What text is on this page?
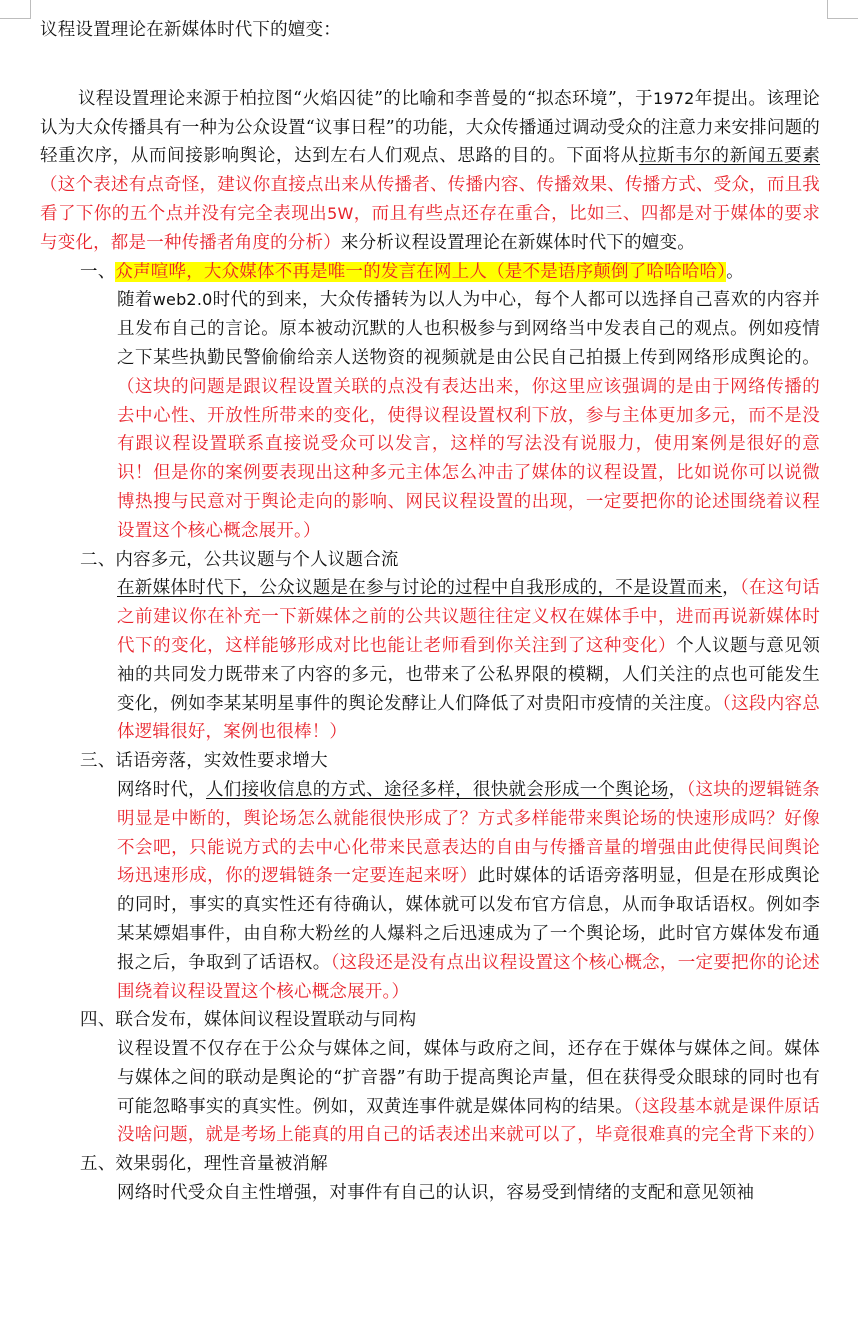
议程设置理论在新媒体时代下的嬗变：

议程设置理论来源于柏拉图“火焰囚徒”的比喻和李普曼的“拟态环境”，于1972年提出。该理论认为大众传播具有一种为公众设置“议事日程”的功能，大众传播通过调动受众的注意力来安排问题的轻重次序，从而间接影响舆论，达到左右人们观点、思路的目的。下面将从拉斯韦尔的新闻五要素（这个表述有点奇怪，建议你直接点出来从传播者、传播内容、传播效果、传播方式、受众，而且我看了下你的五个点并没有完全表现出5W，而且有些点还存在重合，比如三、四都是对于媒体的要求与变化，都是一种传播者角度的分析）来分析议程设置理论在新媒体时代下的嬗变。

一、众声喧哗，大众媒体不再是唯一的发言在网上人（是不是语序颠倒了哈哈哈哈）。

随着web2.0时代的到来，大众传播转为以人为中心，每个人都可以选择自己喜欢的内容并且发布自己的言论。原本被动沉默的人也积极参与到网络当中发表自己的观点。例如疫情之下某些执勤民警偷偷给亲人送物资的视频就是由公民自己拍摄上传到网络形成舆论的。（这块的问题是跟议程设置关联的点没有表达出来，你这里应该强调的是由于网络传播的去中心性、开放性所带来的变化，使得议程设置权利下放，参与主体更加多元，而不是没有跟议程设置联系直接说受众可以发言，这样的写法没有说服力，使用案例是很好的意识！但是你的案例要表现出这种多元主体怎么冲击了媒体的议程设置，比如说你可以说微博热搜与民意对于舆论走向的影响、网民议程设置的出现，一定要把你的论述围绕着议程设置这个核心概念展开。）

二、内容多元，公共议题与个人议题合流

在新媒体时代下，公众议题是在参与讨论的过程中自我形成的，不是设置而来，（在这句话之前建议你在补充一下新媒体之前的公共议题往往定义权在媒体手中，进而再说新媒体时代下的变化，这样能够形成对比也能让老师看到你关注到了这种变化）个人议题与意见领袖的共同发力既带来了内容的多元，也带来了公私界限的模糊，人们关注的点也可能发生变化，例如李某某明星事件的舆论发酵让人们降低了对贵阳市疫情的关注度。（这段内容总体逻辑很好，案例也很棒！）

三、话语旁落，实效性要求增大

网络时代，人们接收信息的方式、途径多样，很快就会形成一个舆论场，（这块的逻辑链条明显是中断的，舆论场怎么就能很快形成了？方式多样能带来舆论场的快速形成吗？好像不会吧，只能说方式的去中心化带来民意表达的自由与传播音量的增强由此使得民间舆论场迅速形成，你的逻辑链条一定要连起来呀）此时媒体的话语旁落明显，但是在形成舆论的同时，事实的真实性还有待确认，媒体就可以发布官方信息，从而争取话语权。例如李某某嫖娼事件，由自称大粉丝的人爆料之后迅速成为了一个舆论场，此时官方媒体发布通报之后，争取到了话语权。（这段还是没有点出议程设置这个核心概念，一定要把你的论述围绕着议程设置这个核心概念展开。）

四、联合发布，媒体间议程设置联动与同构

议程设置不仅存在于公众与媒体之间，媒体与政府之间，还存在于媒体与媒体之间。媒体与媒体之间的联动是舆论的“扩音器”有助于提高舆论声量，但在获得受众眼球的同时也有可能忽略事实的真实性。例如，双黄连事件就是媒体同构的结果。（这段基本就是课件原话没啥问题，就是考场上能真的用自己的话表述出来就可以了，毕竟很难真的完全背下来的）

五、效果弱化，理性音量被消解

网络时代受众自主性增强，对事件有自己的认识，容易受到情绪的支配和意见领袖
